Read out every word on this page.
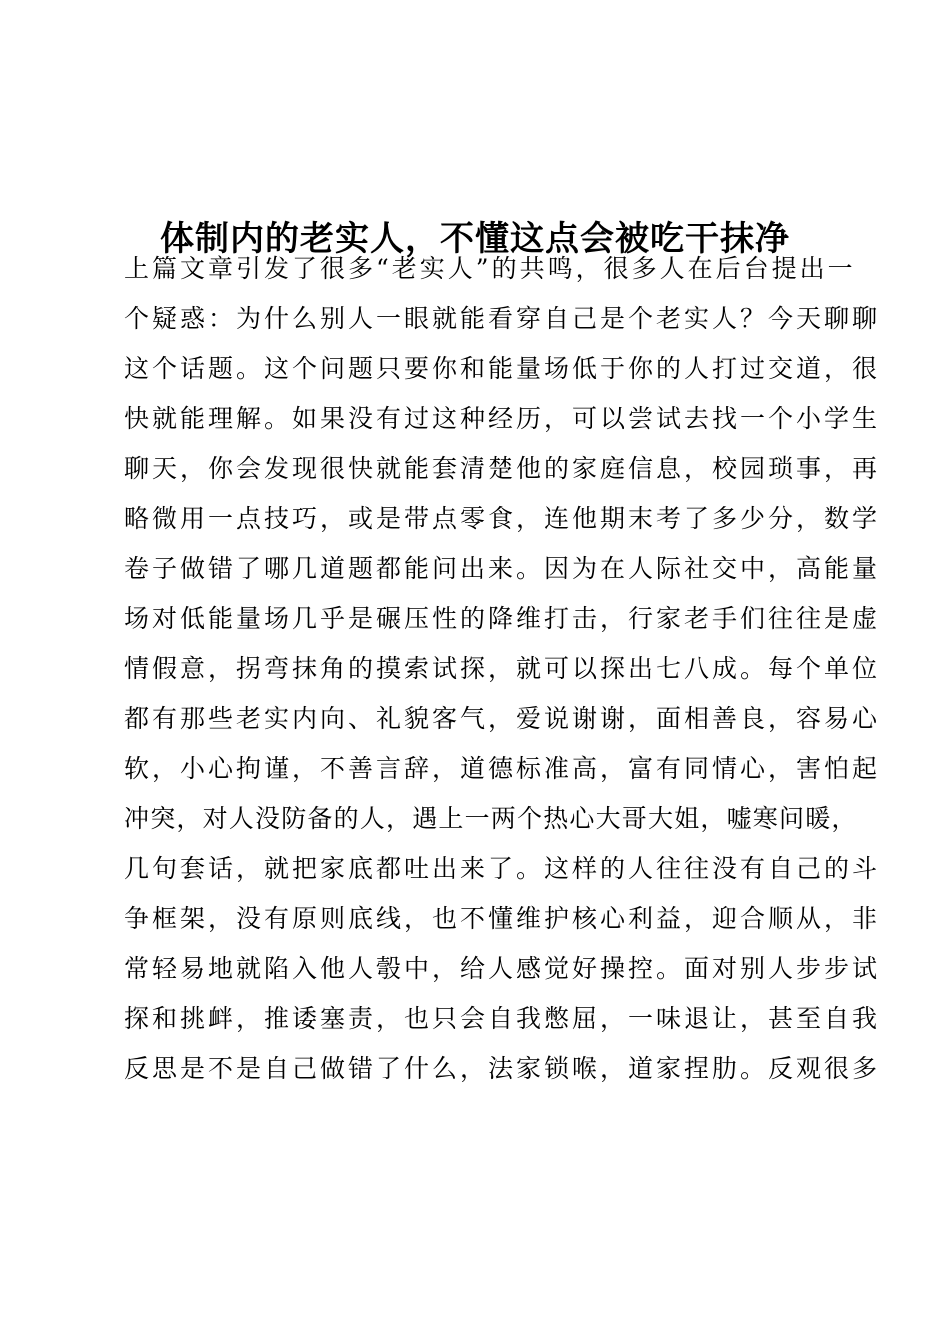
体制内的老实人，不懂这点会被吃干抹净
上篇文章引发了很多“老实人”的共鸣，很多人在后台提出一
个疑惑：为什么别人一眼就能看穿自己是个老实人？今天聊聊
这个话题。这个问题只要你和能量场低于你的人打过交道，很
快就能理解。如果没有过这种经历，可以尝试去找一个小学生
聊天，你会发现很快就能套清楚他的家庭信息，校园琐事，再
略微用一点技巧，或是带点零食，连他期末考了多少分，数学
卷子做错了哪几道题都能问出来。因为在人际社交中，高能量
场对低能量场几乎是碾压性的降维打击，行家老手们往往是虚
情假意，拐弯抹角的摸索试探，就可以探出七八成。每个单位
都有那些老实内向、礼貌客气，爱说谢谢，面相善良，容易心
软，小心拘谨，不善言辞，道德标准高，富有同情心，害怕起
冲突，对人没防备的人，遇上一两个热心大哥大姐，嘘寒问暖，
几句套话，就把家底都吐出来了。这样的人往往没有自己的斗
争框架，没有原则底线，也不懂维护核心利益，迎合顺从，非
常轻易地就陷入他人彀中，给人感觉好操控。面对别人步步试
探和挑衅，推诿塞责，也只会自我憋屈，一味退让，甚至自我
反思是不是自己做错了什么，法家锁喉，道家捏肋。反观很多
